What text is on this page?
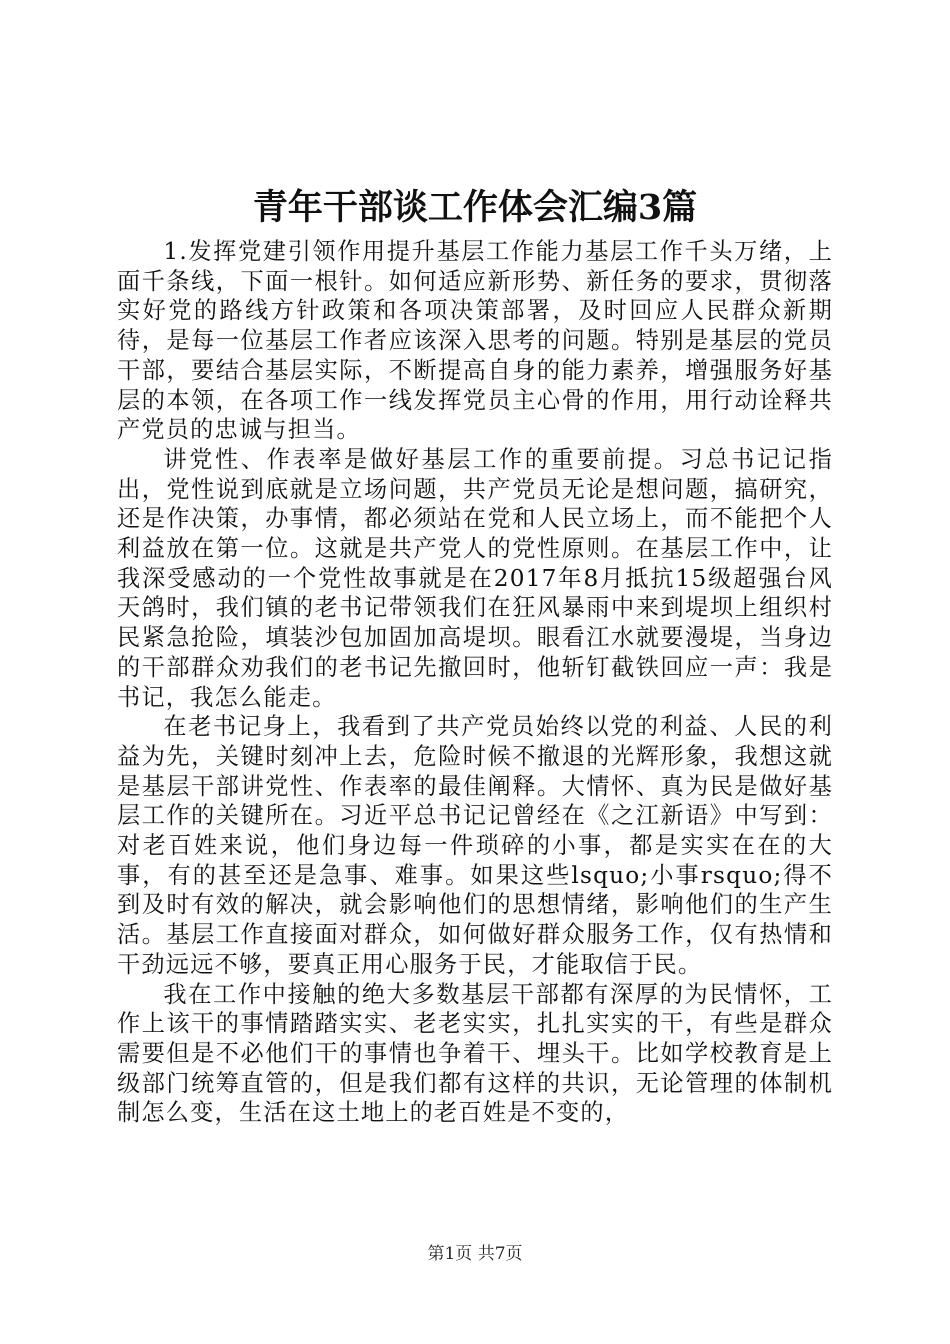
青年干部谈工作体会汇编3篇

1.发挥党建引领作用提升基层工作能力基层工作千头万绪，上面千条线，下面一根针。如何适应新形势、新任务的要求，贯彻落实好党的路线方针政策和各项决策部署，及时回应人民群众新期待，是每一位基层工作者应该深入思考的问题。特别是基层的党员干部，要结合基层实际，不断提高自身的能力素养，增强服务好基层的本领，在各项工作一线发挥党员主心骨的作用，用行动诠释共产党员的忠诚与担当。

讲党性、作表率是做好基层工作的重要前提。习总书记记指出，党性说到底就是立场问题，共产党员无论是想问题，搞研究，还是作决策，办事情，都必须站在党和人民立场上，而不能把个人利益放在第一位。这就是共产党人的党性原则。在基层工作中，让我深受感动的一个党性故事就是在2017年8月抵抗15级超强台风天鸽时，我们镇的老书记带领我们在狂风暴雨中来到堤坝上组织村民紧急抢险，填装沙包加固加高堤坝。眼看江水就要漫堤，当身边的干部群众劝我们的老书记先撤回时，他斩钉截铁回应一声：我是书记，我怎么能走。

在老书记身上，我看到了共产党员始终以党的利益、人民的利益为先，关键时刻冲上去，危险时候不撤退的光辉形象，我想这就是基层干部讲党性、作表率的最佳阐释。大情怀、真为民是做好基层工作的关键所在。习近平总书记记曾经在《之江新语》中写到：对老百姓来说，他们身边每一件琐碎的小事，都是实实在在的大事，有的甚至还是急事、难事。如果这些lsquo;小事rsquo;得不到及时有效的解决，就会影响他们的思想情绪，影响他们的生产生活。基层工作直接面对群众，如何做好群众服务工作，仅有热情和干劲远远不够，要真正用心服务于民，才能取信于民。

我在工作中接触的绝大多数基层干部都有深厚的为民情怀，工作上该干的事情踏踏实实、老老实实，扎扎实实的干，有些是群众需要但是不必他们干的事情也争着干、埋头干。比如学校教育是上级部门统筹直管的，但是我们都有这样的共识，无论管理的体制机制怎么变，生活在这土地上的老百姓是不变的，

第1页 共7页
